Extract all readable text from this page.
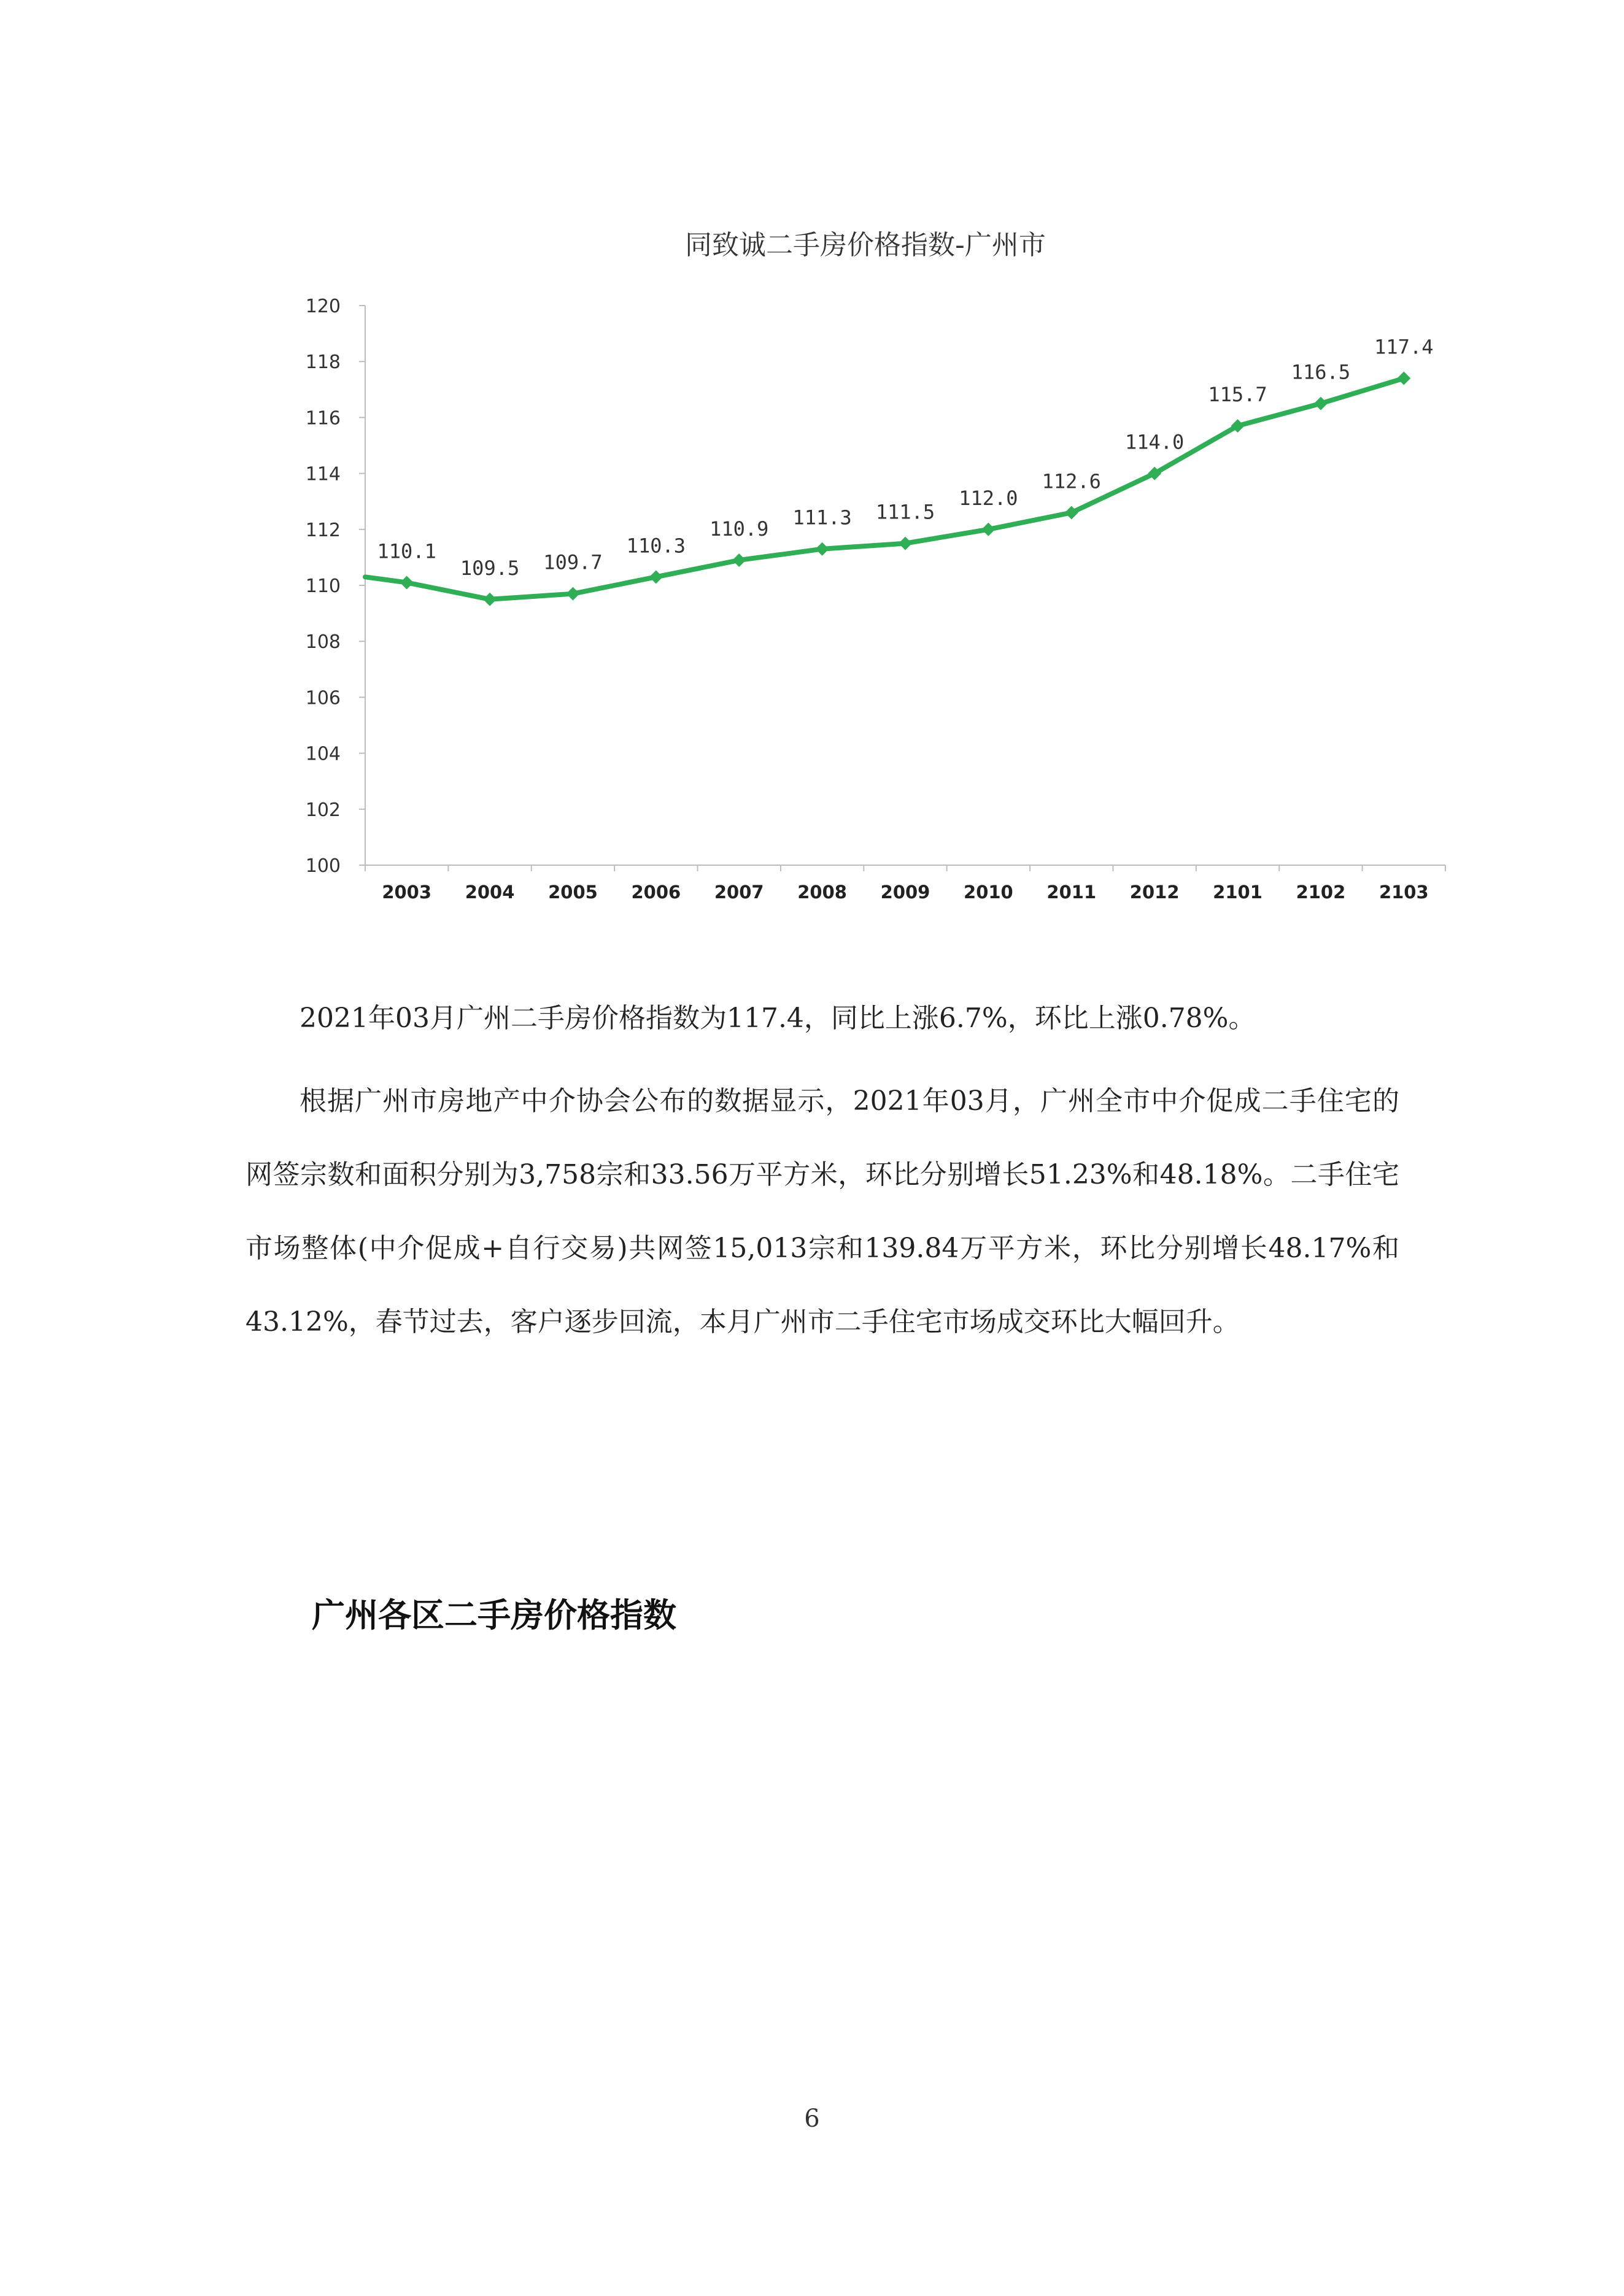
同致诚二手房价格指数-广州市
100
102
104
106
108
110
112
114
116
118
120
2003 2004 2005 2006 2007 2008 2009 2010 2011 2012 2101 2102 2103
110.1
109.5 109.7
110.3
110.9 111.3 111.5
112.0
112.6
114.0
115.7
116.5
117.4

2021年03月广州二手房价格指数为117.4，同比上涨6.7%，环比上涨0.78%。

根据广州市房地产中介协会公布的数据显示，2021年03月，广州全市中介促成二手住宅的网签宗数和面积分别为3,758宗和33.56万平方米，环比分别增长51.23%和48.18%。二手住宅市场整体(中介促成+自行交易)共网签15,013宗和139.84万平方米，环比分别增长48.17%和43.12%，春节过去，客户逐步回流，本月广州市二手住宅市场成交环比大幅回升。

广州各区二手房价格指数
6
